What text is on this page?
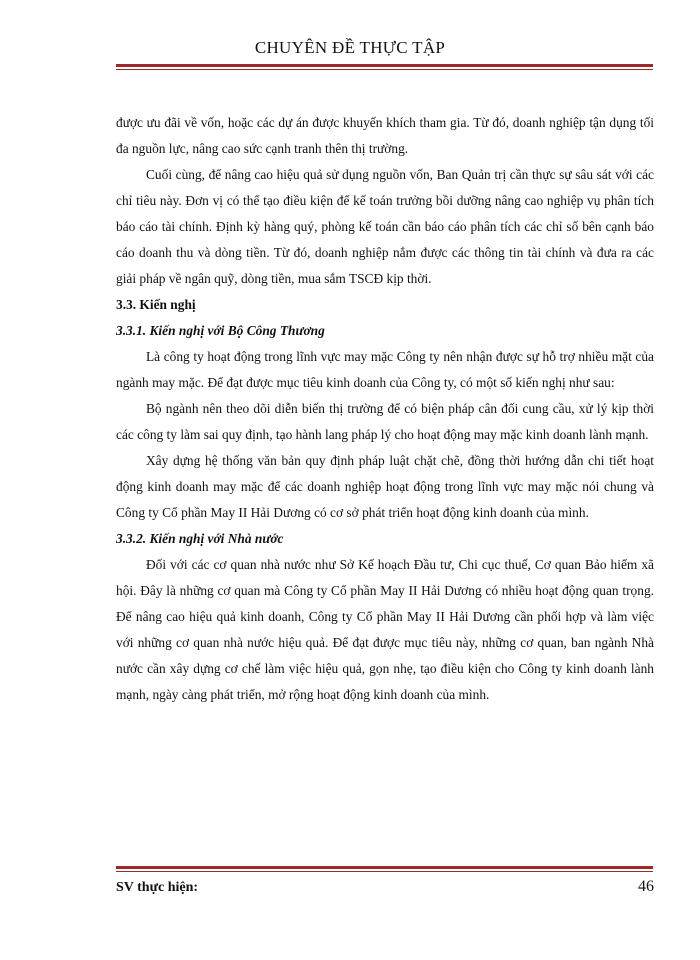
CHUYÊN ĐỀ THỰC TẬP

được ưu đãi về vốn, hoặc các dự án được khuyến khích tham gia. Từ đó, doanh nghiệp tận dụng tối đa nguồn lực, nâng cao sức cạnh tranh thên thị trường.

Cuối cùng, để nâng cao hiệu quả sử dụng nguồn vốn, Ban Quản trị cần thực sự sâu sát với các chỉ tiêu này. Đơn vị có thể tạo điều kiện để kế toán trưởng bồi dưỡng nâng cao nghiệp vụ phân tích báo cáo tài chính. Định kỳ hàng quý, phòng kế toán cần báo cáo phân tích các chỉ số bên cạnh báo cáo doanh thu và dòng tiền. Từ đó, doanh nghiệp nắm được các thông tin tài chính và đưa ra các giải pháp về ngân quỹ, dòng tiền, mua sắm TSCĐ kịp thời.

3.3. Kiến nghị

3.3.1. Kiến nghị với Bộ Công Thương

Là công ty hoạt động trong lĩnh vực may mặc Công ty nên nhận được sự hỗ trợ nhiều mặt của ngành may mặc. Để đạt được mục tiêu kinh doanh của Công ty, có một số kiến nghị như sau:

Bộ ngành nên theo dõi diễn biến thị trường để có biện pháp cân đối cung cầu, xử lý kịp thời các công ty làm sai quy định, tạo hành lang pháp lý cho hoạt động may mặc kinh doanh lành mạnh.

Xây dựng hệ thống văn bản quy định pháp luật chặt chẽ, đồng thời hướng dẫn chi tiết hoạt động kinh doanh may mặc để các doanh nghiệp hoạt động trong lĩnh vực may mặc nói chung và Công ty Cổ phần May II Hải Dương có cơ sở phát triển hoạt động kinh doanh của mình.

3.3.2. Kiến nghị với Nhà nước

Đối với các cơ quan nhà nước như Sở Kế hoạch Đầu tư, Chi cục thuế, Cơ quan Bảo hiểm xã hội. Đây là những cơ quan mà Công ty Cổ phần May II Hải Dương có nhiều hoạt động quan trọng. Để nâng cao hiệu quả kinh doanh, Công ty Cổ phần May II Hải Dương cần phối hợp và làm việc với những cơ quan nhà nước hiệu quả. Để đạt được mục tiêu này, những cơ quan, ban ngành Nhà nước cần xây dựng cơ chế làm việc hiệu quả, gọn nhẹ, tạo điều kiện cho Công ty kinh doanh lành mạnh, ngày càng phát triển, mở rộng hoạt động kinh doanh của mình.

SV thực hiện:	46
